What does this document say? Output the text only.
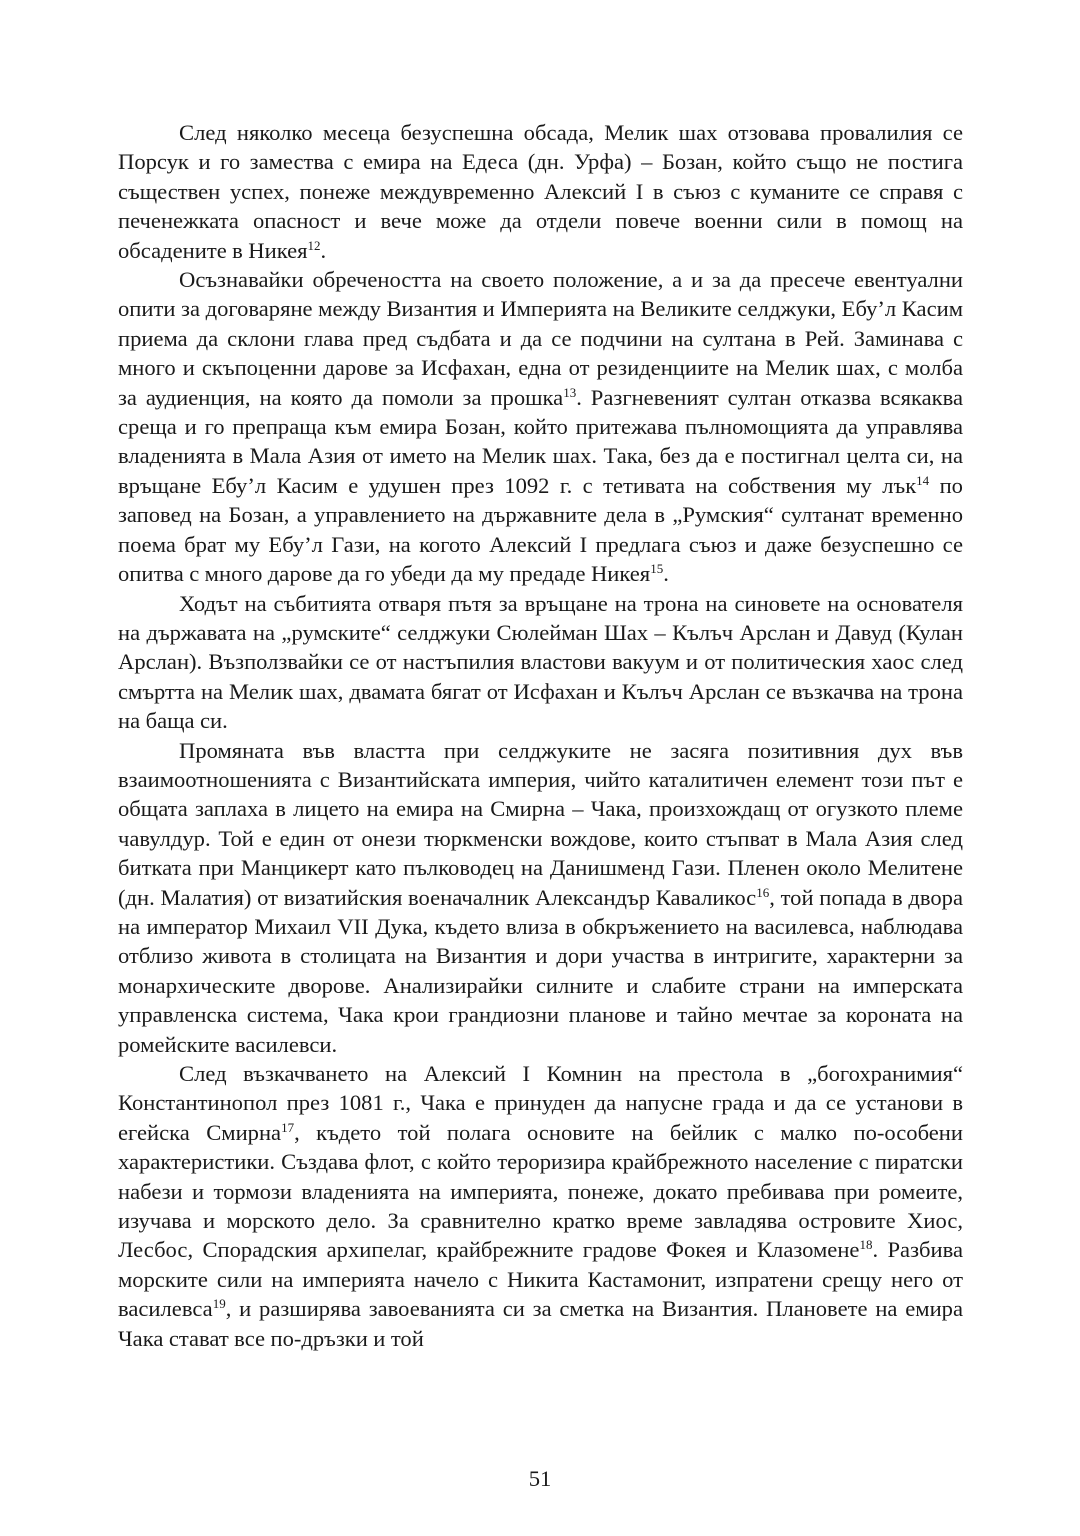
След няколко месеца безуспешна обсада, Мелик шах отзовава провалилия се Порсук и го замества с емира на Едеса (дн. Урфа) – Бозан, който също не постига съществен успех, понеже междувременно Алексий I в съюз с куманите се справя с печенежката опасност и вече може да отдели повече военни сили в помощ на обсадените в Никея$^{12}$.

Осъзнавайки обречеността на своето положение, а и за да пресече евентуални опити за договаряне между Византия и Империята на Великите селджуки, Ебу’л Касим приема да склони глава пред съдбата и да се подчини на султана в Рей. Заминава с много и скъпоценни дарове за Исфахан, една от резиденциите на Мелик шах, с молба за аудиенция, на която да помоли за прошка$^{13}$. Разгневеният султан отказва всякаква среща и го препраща към емира Бозан, който притежава пълномощията да управлява владенията в Мала Азия от името на Мелик шах. Така, без да е постигнал целта си, на връщане Ебу’л Касим е удушен през 1092 г. с тетивата на собствения му лък$^{14}$ по заповед на Бозан, а управлението на държавните дела в „Румския“ султанат временно поема брат му Ебу’л Гази, на когото Алексий I предлага съюз и даже безуспешно се опитва с много дарове да го убеди да му предаде Никея$^{15}$.

Ходът на събитията отваря пътя за връщане на трона на синовете на основателя на държавата на „румските“ селджуки Сюлейман Шах – Кълъч Арслан и Давуд (Кулан Арслан). Възползвайки се от настъпилия властови вакуум и от политическия хаос след смъртта на Мелик шах, двамата бягат от Исфахан и Кълъч Арслан се възкачва на трона на баща си.

Промяната във властта при селджуките не засяга позитивния дух във взаимоотношенията с Византийската империя, чийто каталитичен елемент този път е общата заплаха в лицето на емира на Смирна – Чака, произхождащ от огузкото племе чавулдур. Той е един от онези тюркменски вождове, които стъпват в Мала Азия след битката при Манцикерт като пълководец на Данишменд Гази. Пленен около Мелитене (дн. Малатия) от визатийския военачалник Александър Каваликос$^{16}$, той попада в двора на император Михаил VII Дука, където влиза в обкръжението на василевса, наблюдава отблизо живота в столицата на Византия и дори участва в интригите, характерни за монархическите дворове. Анализирайки силните и слабите страни на имперската управленска система, Чака крои грандиозни планове и тайно мечтае за короната на ромейските василевси.

След възкачването на Алексий I Комнин на престола в „богохранимия“ Константинопол през 1081 г., Чака е принуден да напусне града и да се установи в егейска Смирна$^{17}$, където той полага основите на бейлик с малко по-особени характеристики. Създава флот, с който тероризира крайбрежното население с пиратски набези и тормози владенията на империята, понеже, докато пребивава при ромеите, изучава и морското дело. За сравнително кратко време завладява островите Хиос, Лесбос, Спорадския архипелаг, крайбрежните градове Фокея и Клазомене$^{18}$. Разбива морските сили на империята начело с Никита Кастамонит, изпратени срещу него от василевса$^{19}$, и разширява завоеванията си за сметка на Византия. Плановете на емира Чака стават все по-дръзки и той

51
